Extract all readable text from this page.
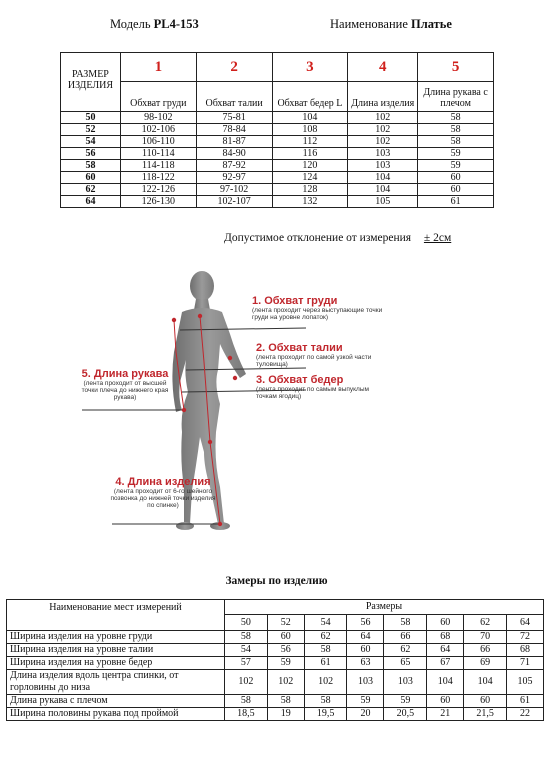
Модель PL4-153	Наименование Платье
РАЗМЕР ИЗДЕЛИЯ	1	2	3	4	5
	Обхват груди	Обхват талии	Обхват бедер L	Длина изделия	Длина рукава с плечом
50	98-102	75-81	104	102	58
52	102-106	78-84	108	102	58
54	106-110	81-87	112	102	58
56	110-114	84-90	116	103	59
58	114-118	87-92	120	103	59
60	118-122	92-97	124	104	60
62	122-126	97-102	128	104	60
64	126-130	102-107	132	105	61
Допустимое отклонение от измерения ± 2см
1. Обхват груди
(лента проходит через выступающие точки груди на уровне лопаток)
2. Обхват талии
(лента проходит по самой узкой части туловища)
3. Обхват бедер
(лента проходит по самым выпуклым точкам ягодиц)
5. Длина рукава
(лента проходит от высшей точки плеча до нижнего края рукава)
4. Длина изделия
(лента проходит от 6-го шейного позвонка до нижней точки изделия по спинке)
Замеры по изделию
Наименование мест измерений	Размеры							
	50	52	54	56	58	60	62	64
Ширина изделия на уровне груди	58	60	62	64	66	68	70	72
Ширина изделия на уровне талии	54	56	58	60	62	64	66	68
Ширина изделия на уровне бедер	57	59	61	63	65	67	69	71
Длина изделия вдоль центра спинки, от горловины до низа	102	102	102	103	103	104	104	105
Длина рукава с плечом	58	58	58	59	59	60	60	61
Ширина половины рукава под проймой	18,5	19	19,5	20	20,5	21	21,5	22
